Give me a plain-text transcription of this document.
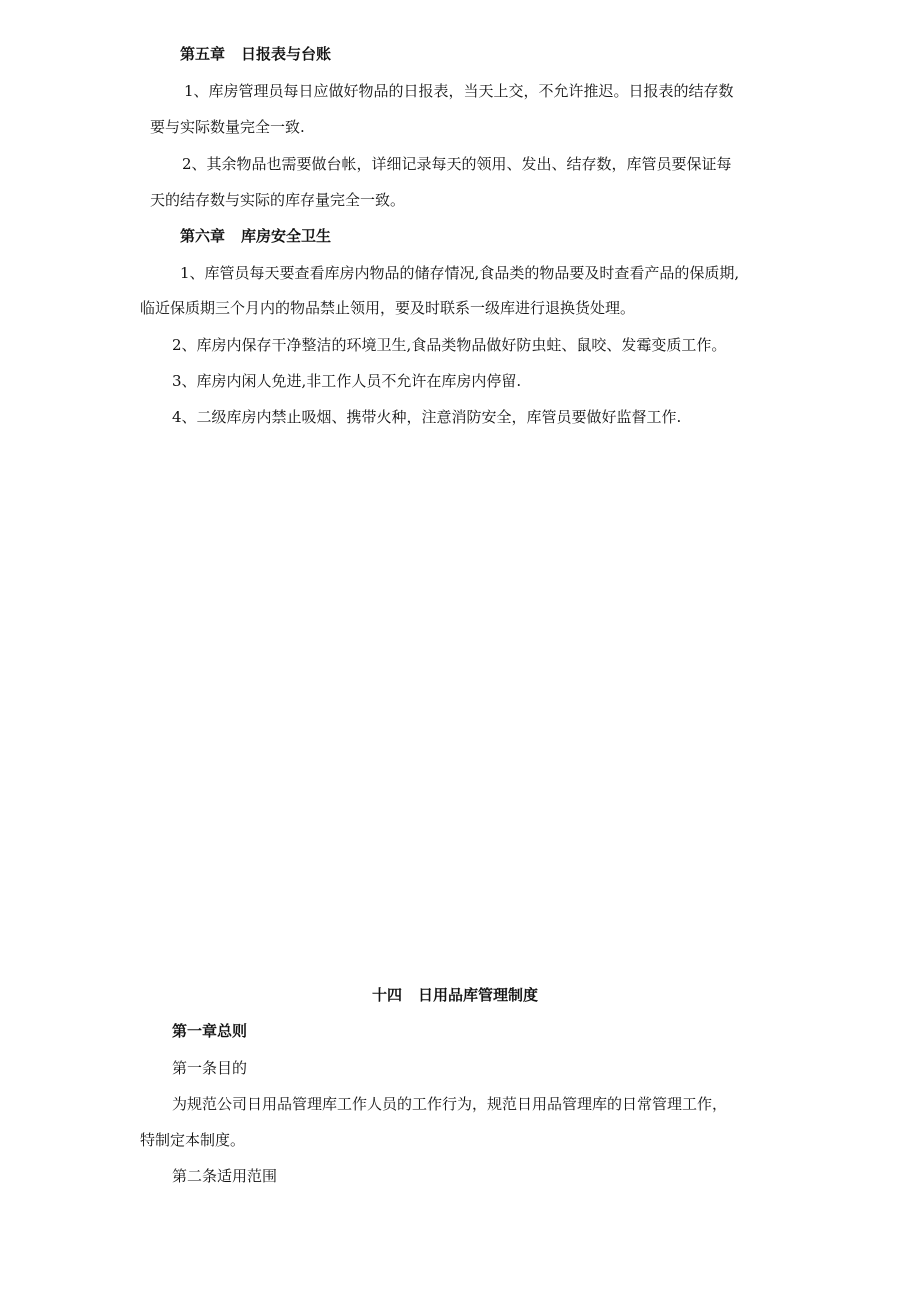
第五章 日报表与台账
1、库房管理员每日应做好物品的日报表，当天上交，不允许推迟。日报表的结存数
要与实际数量完全一致.
2、其余物品也需要做台帐，详细记录每天的领用、发出、结存数，库管员要保证每
天的结存数与实际的库存量完全一致。
第六章 库房安全卫生
1、库管员每天要查看库房内物品的储存情况,食品类的物品要及时查看产品的保质期,
临近保质期三个月内的物品禁止领用，要及时联系一级库进行退换货处理。
2、库房内保存干净整洁的环境卫生,食品类物品做好防虫蛀、鼠咬、发霉变质工作。
3、库房内闲人免进,非工作人员不允许在库房内停留.
4、二级库房内禁止吸烟、携带火种，注意消防安全，库管员要做好监督工作.
十四 日用品库管理制度
第一章总则
第一条目的
为规范公司日用品管理库工作人员的工作行为，规范日用品管理库的日常管理工作，
特制定本制度。
第二条适用范围
